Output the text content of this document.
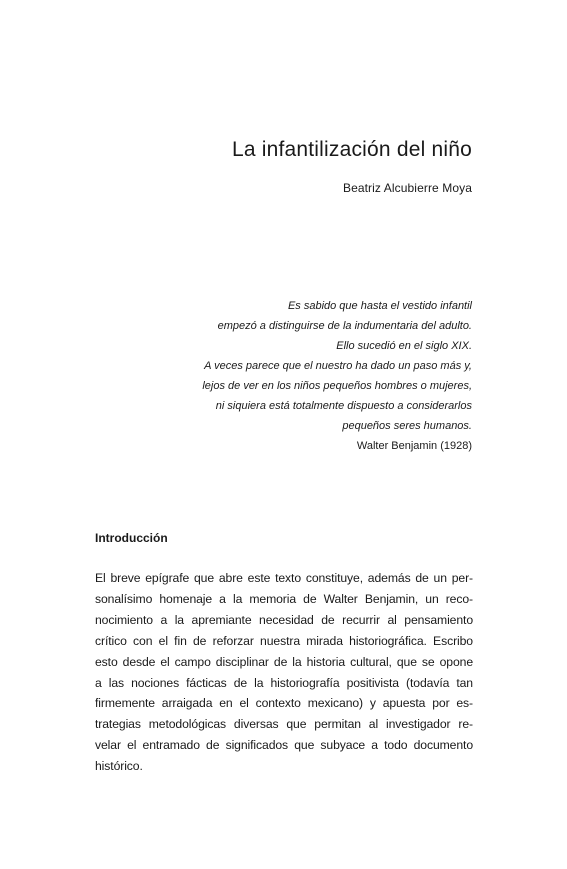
La infantilización del niño
Beatriz Alcubierre Moya
Es sabido que hasta el vestido infantil
empezó a distinguirse de la indumentaria del adulto.
Ello sucedió en el siglo XIX.
A veces parece que el nuestro ha dado un paso más y,
lejos de ver en los niños pequeños hombres o mujeres,
ni siquiera está totalmente dispuesto a considerarlos
pequeños seres humanos.
Walter Benjamin (1928)
Introducción
El breve epígrafe que abre este texto constituye, además de un per-
sonalísimo homenaje a la memoria de Walter Benjamin, un reco-
nocimiento a la apremiante necesidad de recurrir al pensamiento
crítico con el fin de reforzar nuestra mirada historiográfica. Escribo
esto desde el campo disciplinar de la historia cultural, que se opone
a las nociones fácticas de la historiografía positivista (todavía tan
firmemente arraigada en el contexto mexicano) y apuesta por es-
trategias metodológicas diversas que permitan al investigador re-
velar el entramado de significados que subyace a todo documento
histórico.
